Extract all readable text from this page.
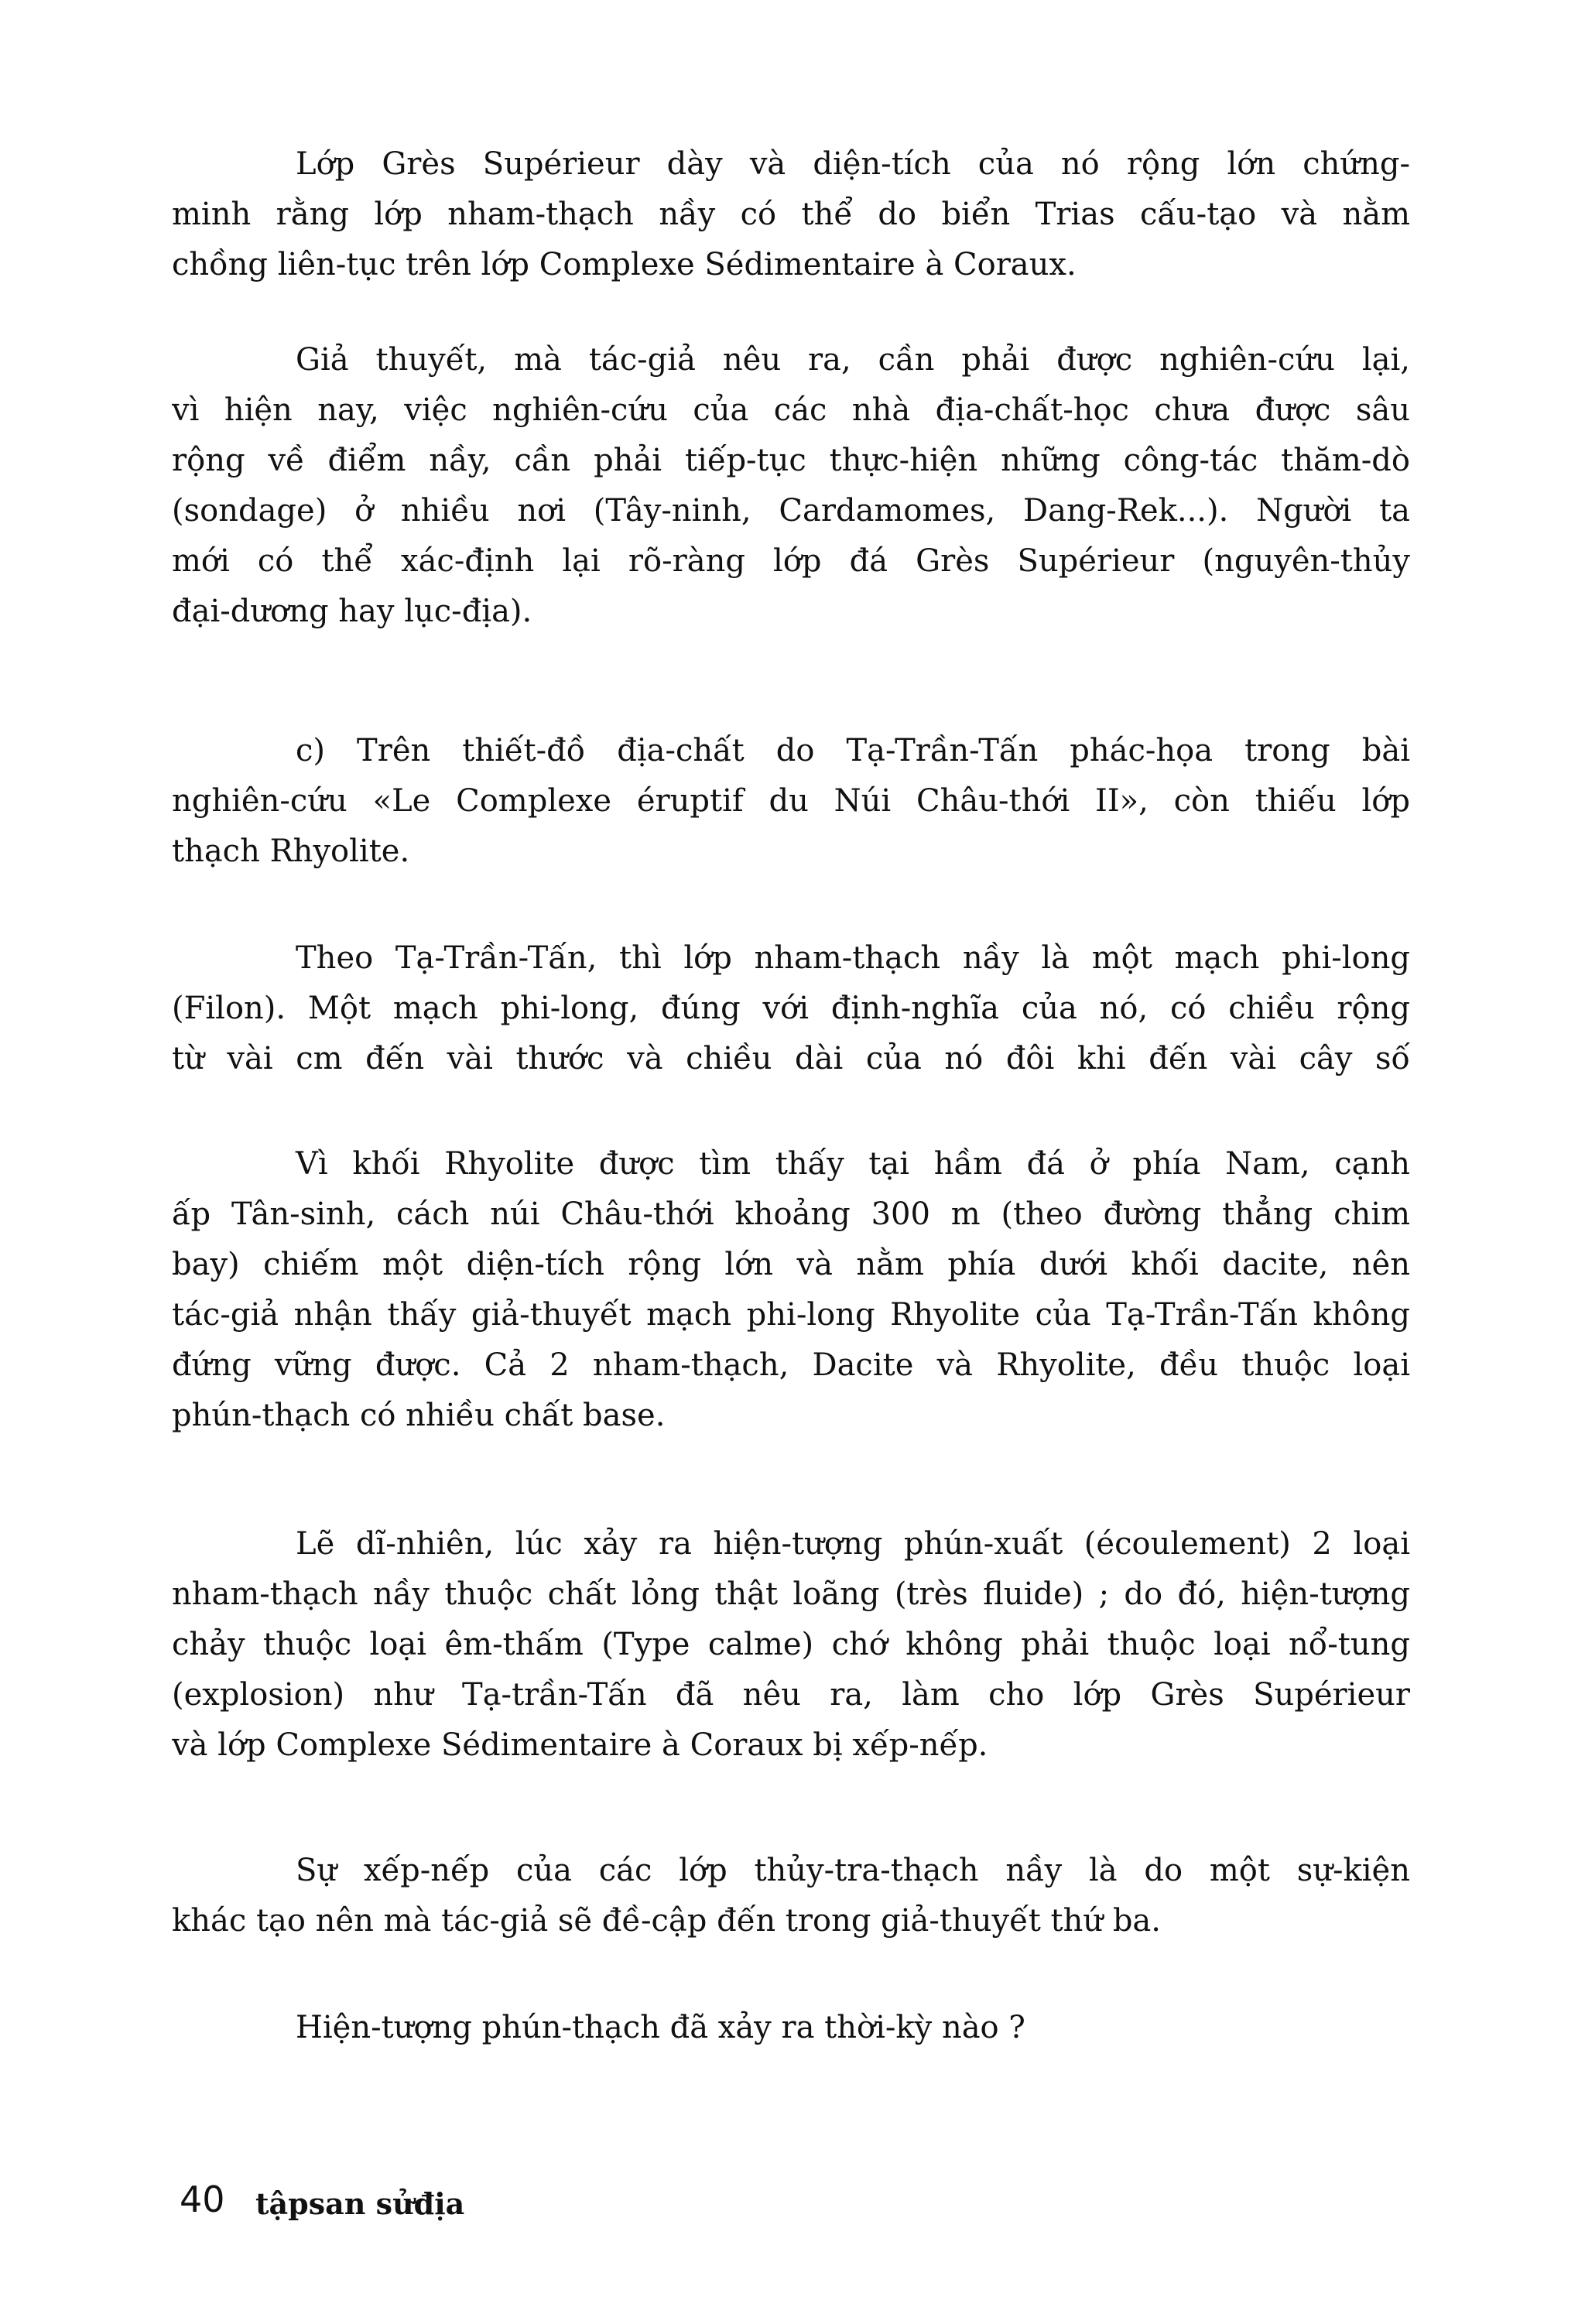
Lớp Grès Supérieur dày và diện-tích của nó rộng lớn chứng-
minh rằng lớp nham-thạch nầy có thể do biển Trias cấu-tạo và nằm
chồng liên-tục trên lớp Complexe Sédimentaire à Coraux.

Giả thuyết, mà tác-giả nêu ra, cần phải được nghiên-cứu lại,
vì hiện nay, việc nghiên-cứu của các nhà địa-chất-học chưa được sâu
rộng về điểm nầy, cần phải tiếp-tục thực-hiện những công-tác thăm-dò
(sondage) ở nhiều nơi (Tây-ninh, Cardamomes, Dang-Rek...). Người ta
mới có thể xác-định lại rõ-ràng lớp đá Grès Supérieur (nguyên-thủy
đại-dương hay lục-địa).

c) Trên thiết-đồ địa-chất do Tạ-Trần-Tấn phác-họa trong bài
nghiên-cứu «Le Complexe éruptif du Núi Châu-thới II», còn thiếu lớp
thạch Rhyolite.

Theo Tạ-Trần-Tấn, thì lớp nham-thạch nầy là một mạch phi-long
(Filon). Một mạch phi-long, đúng với định-nghĩa của nó, có chiều rộng
từ vài cm đến vài thước và chiều dài của nó đôi khi đến vài cây số

Vì khối Rhyolite được tìm thấy tại hầm đá ở phía Nam, cạnh
ấp Tân-sinh, cách núi Châu-thới khoảng 300 m (theo đường thẳng chim
bay) chiếm một diện-tích rộng lớn và nằm phía dưới khối dacite, nên
tác-giả nhận thấy giả-thuyết mạch phi-long Rhyolite của Tạ-Trần-Tấn không
đứng vững được. Cả 2 nham-thạch, Dacite và Rhyolite, đều thuộc loại
phún-thạch có nhiều chất base.

Lẽ dĩ-nhiên, lúc xảy ra hiện-tượng phún-xuất (écoulement) 2 loại
nham-thạch nầy thuộc chất lỏng thật loãng (très fluide) ; do đó, hiện-tượng
chảy thuộc loại êm-thấm (Type calme) chớ không phải thuộc loại nổ-tung
(explosion) như Tạ-trần-Tấn đã nêu ra, làm cho lớp Grès Supérieur
và lớp Complexe Sédimentaire à Coraux bị xếp-nếp.

Sự xếp-nếp của các lớp thủy-tra-thạch nầy là do một sự-kiện
khác tạo nên mà tác-giả sẽ đề-cập đến trong giả-thuyết thứ ba.

Hiện-tượng phún-thạch đã xảy ra thời-kỳ nào ?

40 tậpsan sửđịa
